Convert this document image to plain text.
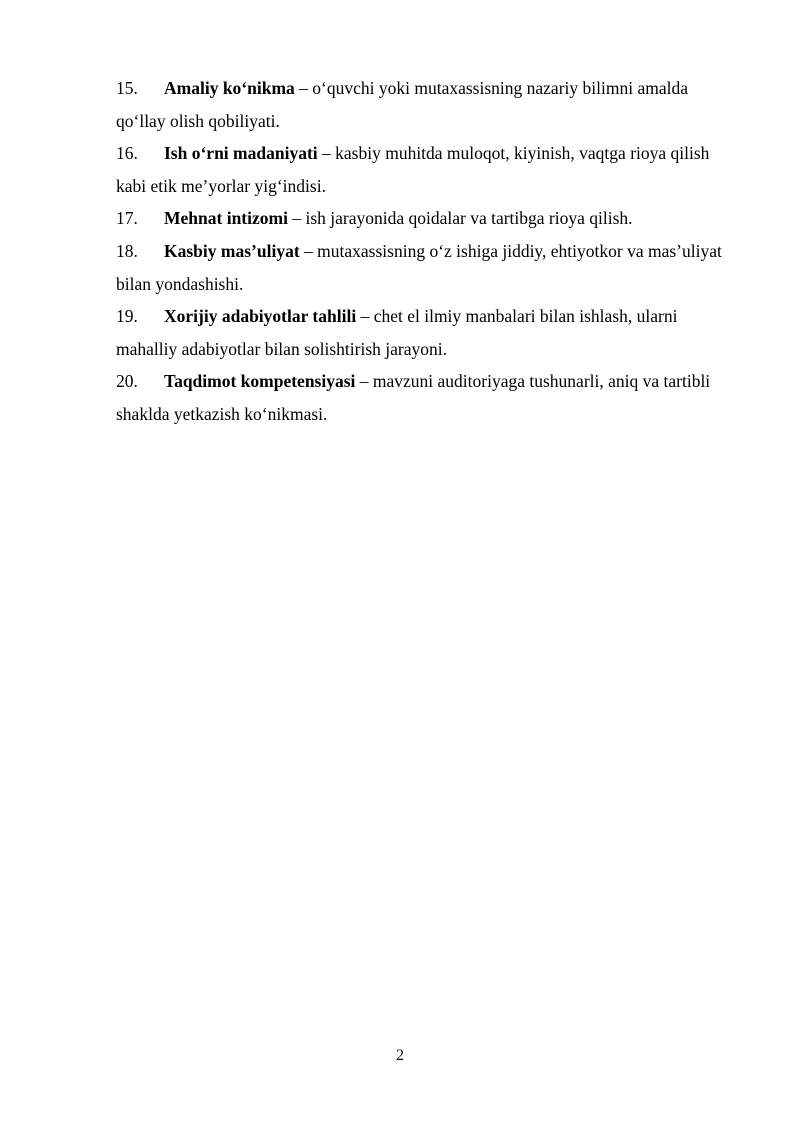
15. Amaliy ko‘nikma – o‘quvchi yoki mutaxassisning nazariy bilimni amalda qo‘llay olish qobiliyati.

16. Ish o‘rni madaniyati – kasbiy muhitda muloqot, kiyinish, vaqtga rioya qilish kabi etik me’yorlar yig‘indisi.

17. Mehnat intizomi – ish jarayonida qoidalar va tartibga rioya qilish.

18. Kasbiy mas’uliyat – mutaxassisning o‘z ishiga jiddiy, ehtiyotkor va mas’uliyat bilan yondashishi.

19. Xorijiy adabiyotlar tahlili – chet el ilmiy manbalari bilan ishlash, ularni mahalliy adabiyotlar bilan solishtirish jarayoni.

20. Taqdimot kompetensiyasi – mavzuni auditoriyaga tushunarli, aniq va tartibli shaklda yetkazish ko‘nikmasi.

2
